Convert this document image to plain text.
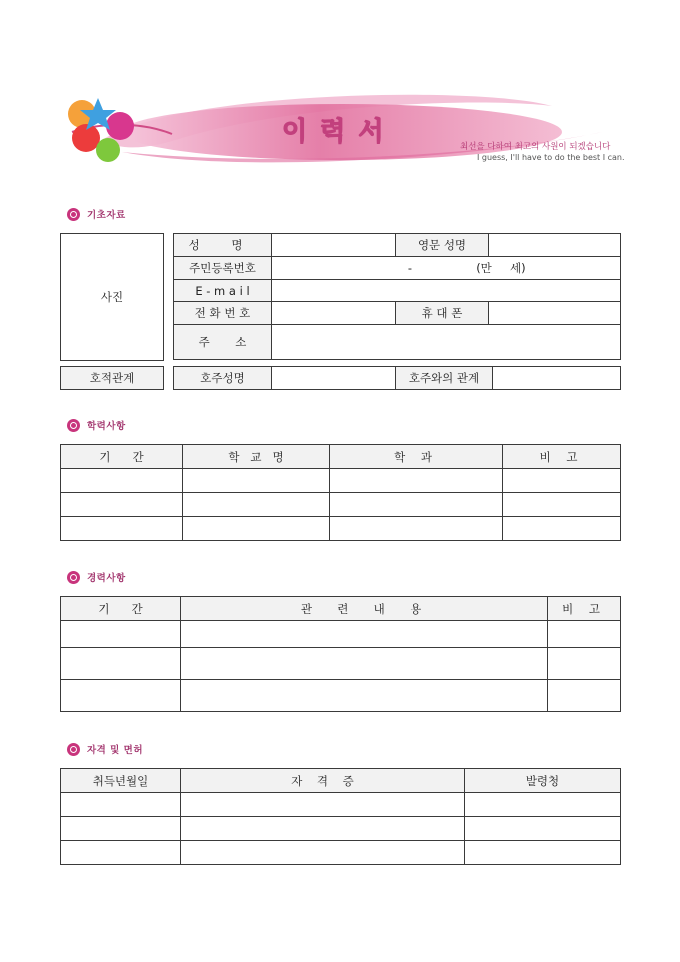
이 력 서	최선을 다하여 최고의 사원이 되겠습니다
I guess, I'll have to do the best I can.
기초자료
사진
성 명		영문 성명	
주민등록번호	- (만     세)		
E - m a i l			
전 화 번 호		휴 대 폰	
주       소			
호적관계	호주성명		호주와의 관계	
학력사항
기      간	학   교   명	학 과	비 고

경력사항
기      간	관  련  내  용	비 고

자격 및 면허
취득년월일	자    격    증	발령청
